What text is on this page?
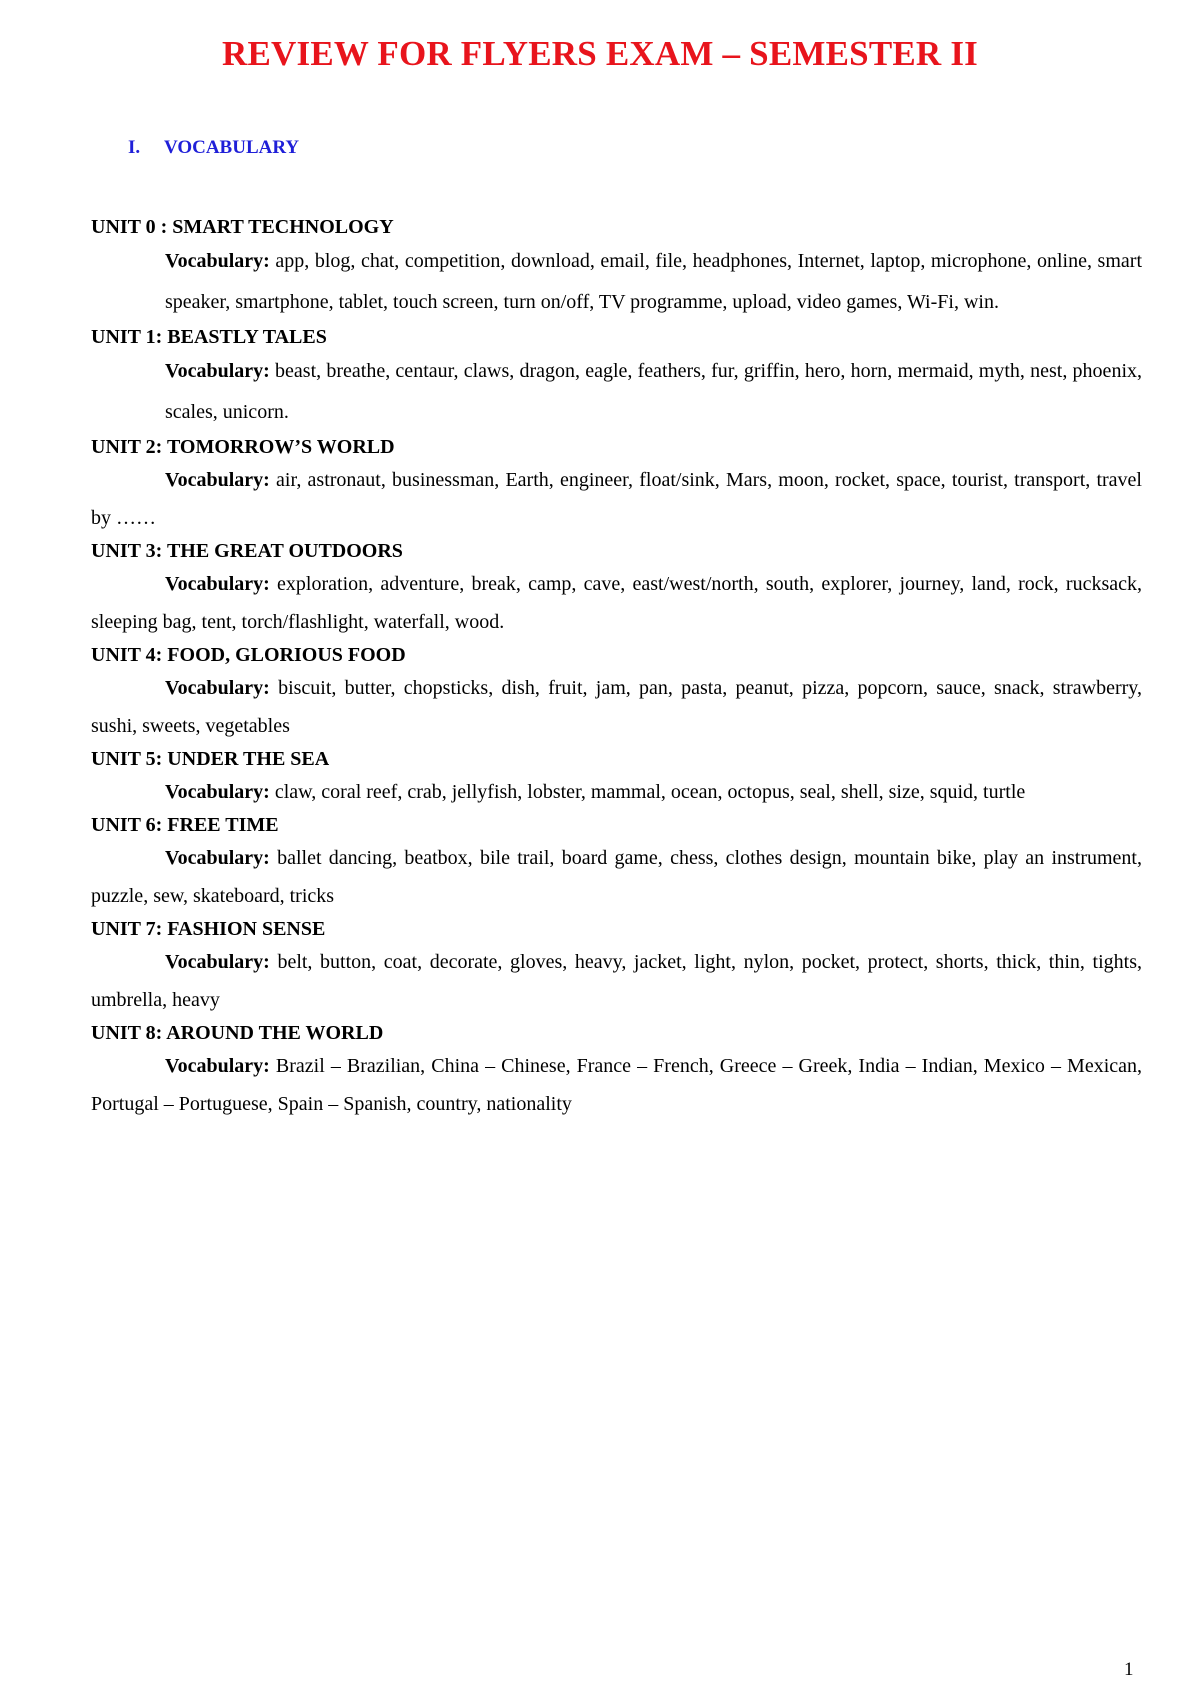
REVIEW FOR FLYERS EXAM – SEMESTER II
I. VOCABULARY

UNIT 0 : SMART TECHNOLOGY

Vocabulary: app, blog, chat, competition, download, email, file, headphones, Internet, laptop, microphone, online, smart speaker, smartphone, tablet, touch screen, turn on/off, TV programme, upload, video games, Wi-Fi, win.

UNIT 1: BEASTLY TALES

Vocabulary: beast, breathe, centaur, claws, dragon, eagle, feathers, fur, griffin, hero, horn, mermaid, myth, nest, phoenix, scales, unicorn.

UNIT 2: TOMORROW’S WORLD

Vocabulary: air, astronaut, businessman, Earth, engineer, float/sink, Mars, moon, rocket, space, tourist, transport, travel by ……

UNIT 3: THE GREAT OUTDOORS

Vocabulary: exploration, adventure, break, camp, cave, east/west/north, south, explorer, journey, land, rock, rucksack, sleeping bag, tent, torch/flashlight, waterfall, wood.

UNIT 4: FOOD, GLORIOUS FOOD

Vocabulary: biscuit, butter, chopsticks, dish, fruit, jam, pan, pasta, peanut, pizza, popcorn, sauce, snack, strawberry, sushi, sweets, vegetables

UNIT 5: UNDER THE SEA

Vocabulary: claw, coral reef, crab, jellyfish, lobster, mammal, ocean, octopus, seal, shell, size, squid, turtle

UNIT 6: FREE TIME

Vocabulary: ballet dancing, beatbox, bile trail, board game, chess, clothes design, mountain bike, play an instrument, puzzle, sew, skateboard, tricks

UNIT 7: FASHION SENSE

Vocabulary: belt, button, coat, decorate, gloves, heavy, jacket, light, nylon, pocket, protect, shorts, thick, thin, tights, umbrella, heavy

UNIT 8: AROUND THE WORLD

Vocabulary: Brazil – Brazilian, China – Chinese, France – French, Greece – Greek, India – Indian, Mexico – Mexican, Portugal – Portuguese, Spain – Spanish, country, nationality

1
